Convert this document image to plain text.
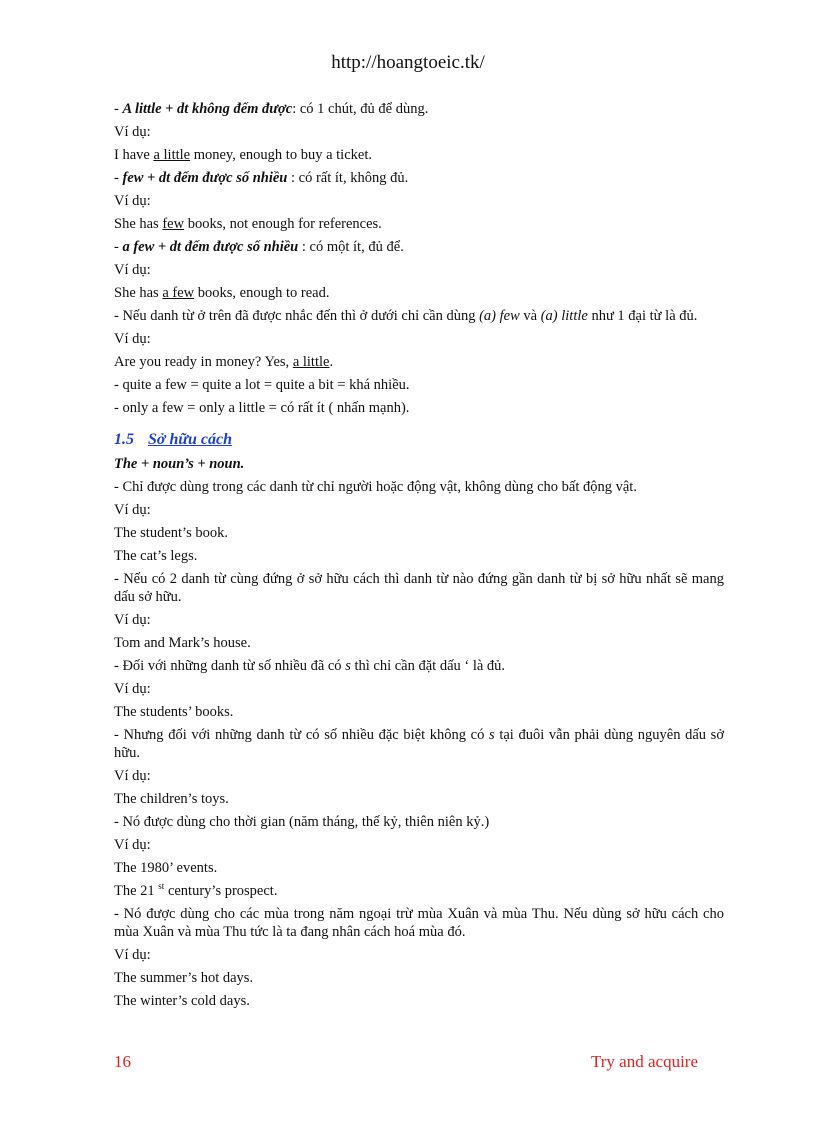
http://hoangtoeic.tk/
- A little + dt không đếm được: có 1 chút, đủ để dùng.
Ví dụ:
I have a little money, enough to buy a ticket.
- few + dt đếm được số nhiều : có rất ít, không đủ.
Ví dụ:
She has few books, not enough for references.
- a few + dt đếm được số nhiều : có một ít, đủ để.
Ví dụ:
She has a few books, enough to read.
- Nếu danh từ ở trên đã được nhắc đến thì ở dưới chỉ cần dùng (a) few và (a) little như 1 đại từ là đủ.
Ví dụ:
Are you ready in money? Yes, a little.
- quite a few = quite a lot = quite a bit = khá nhiều.
- only a few = only a little = có rất ít ( nhấn mạnh).
1.5 Sở hữu cách
The + noun’s + noun.
- Chỉ được dùng trong các danh từ chỉ người hoặc động vật, không dùng cho bất động vật.
Ví dụ:
The student’s book.
The cat’s legs.
- Nếu có 2 danh từ cùng đứng ở sở hữu cách thì danh từ nào đứng gần danh từ bị sở hữu nhất sẽ mang dấu sở hữu.
Ví dụ:
Tom and Mark’s house.
- Đối với những danh từ số nhiều đã có s thì chỉ cần đặt dấu ‘ là đủ.
Ví dụ:
The students’ books.
- Nhưng đối với những danh từ có số nhiều đặc biệt không có s tại đuôi vẫn phải dùng nguyên dấu sở hữu.
Ví dụ:
The children’s toys.
- Nó được dùng cho thời gian (năm tháng, thế kỷ, thiên niên kỷ.)
Ví dụ:
The 1980’ events.
The 21 $^{st}$ century’s prospect.
- Nó được dùng cho các mùa trong năm ngoại trừ mùa Xuân và mùa Thu. Nếu dùng sở hữu cách cho mùa Xuân và mùa Thu tức là ta đang nhân cách hoá mùa đó.
Ví dụ:
The summer’s hot days.
The winter’s cold days.
16	Try and acquire
